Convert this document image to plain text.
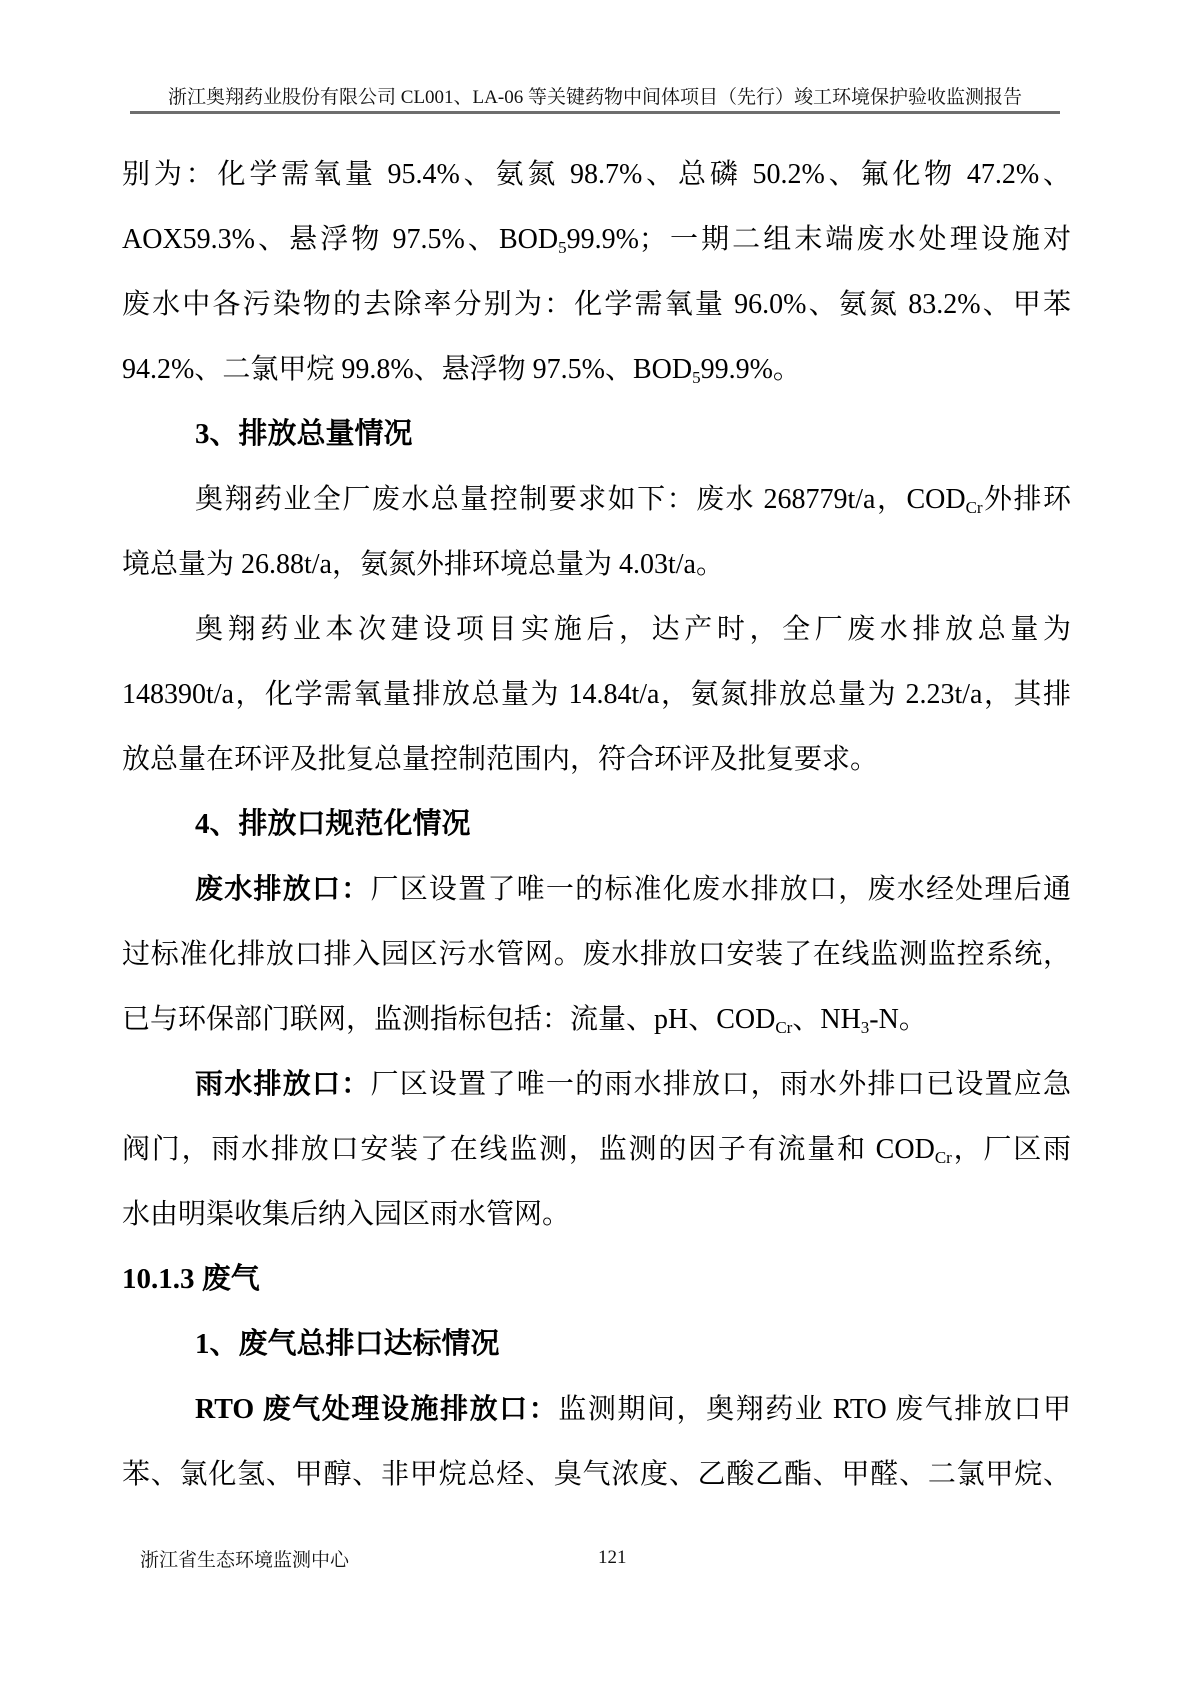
浙江奥翔药业股份有限公司 CL001、LA-06 等关键药物中间体项目（先行）竣工环境保护验收监测报告
别为：化学需氧量 95.4%、氨氮 98.7%、总磷 50.2%、氟化物 47.2%、
AOX59.3%、悬浮物 97.5%、$BOD_599.9\%$；一期二组末端废水处理设施对
废水中各污染物的去除率分别为：化学需氧量 96.0%、氨氮 83.2%、甲苯
94.2%、二氯甲烷 99.8%、悬浮物 97.5%、$BOD_599.9\%$。
3、排放总量情况
奥翔药业全厂废水总量控制要求如下：废水 268779t/a，$COD_{Cr}$外排环
境总量为 26.88t/a，氨氮外排环境总量为 4.03t/a。
奥翔药业本次建设项目实施后，达产时，全厂废水排放总量为
148390t/a，化学需氧量排放总量为 14.84t/a，氨氮排放总量为 2.23t/a，其排
放总量在环评及批复总量控制范围内，符合环评及批复要求。
4、排放口规范化情况
废水排放口：厂区设置了唯一的标准化废水排放口，废水经处理后通
过标准化排放口排入园区污水管网。废水排放口安装了在线监测监控系统，
已与环保部门联网，监测指标包括：流量、pH、$COD_{Cr}$、$NH_3-N$。
雨水排放口：厂区设置了唯一的雨水排放口，雨水外排口已设置应急
阀门，雨水排放口安装了在线监测，监测的因子有流量和 $COD_{Cr}$，厂区雨
水由明渠收集后纳入园区雨水管网。
10.1.3 废气
1、废气总排口达标情况
RTO 废气处理设施排放口：监测期间，奥翔药业 RTO 废气排放口甲
苯、氯化氢、甲醇、非甲烷总烃、臭气浓度、乙酸乙酯、甲醛、二氯甲烷、
浙江省生态环境监测中心	121
